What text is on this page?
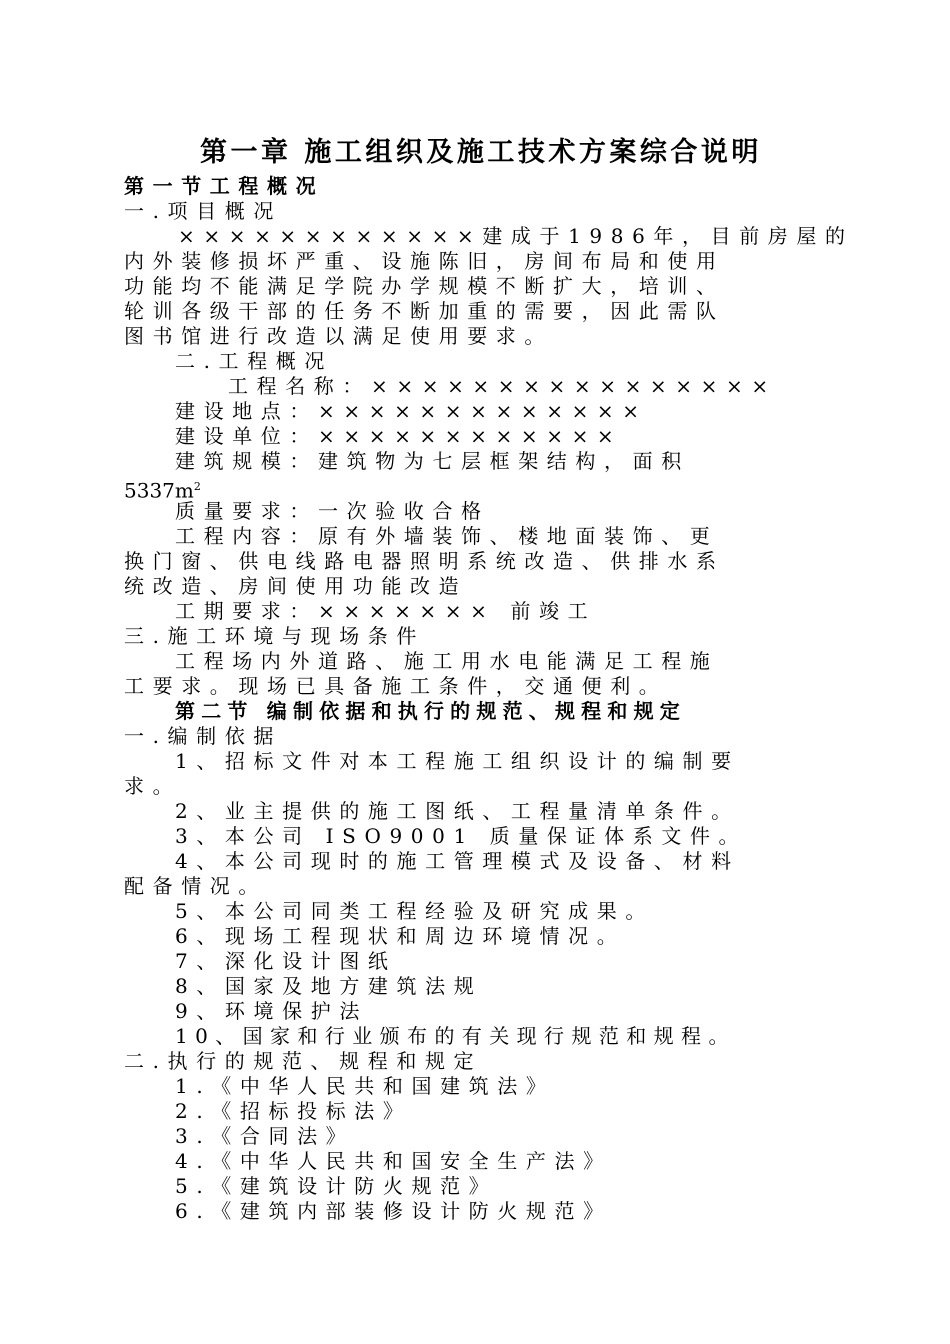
第一章 施工组织及施工技术方案综合说明
第一节工程概况
一.项目概况
××××××××××××建成于1986年，目前房屋的
内外装修损坏严重、设施陈旧，房间布局和使用
功能均不能满足学院办学规模不断扩大，培训、
轮训各级干部的任务不断加重的需要，因此需队
图书馆进行改造以满足使用要求。
二.工程概况
工程名称：××××××××××××××××
建设地点：×××××××××××××
建设单位：××××××××××××
建筑规模：建筑物为七层框架结构，面积
$5337m^2$
质量要求：一次验收合格
工程内容：原有外墙装饰、楼地面装饰、更
换门窗、供电线路电器照明系统改造、供排水系
统改造、房间使用功能改造
工期要求：××××××× 前竣工
三.施工环境与现场条件
工程场内外道路、施工用水电能满足工程施
工要求。现场已具备施工条件，交通便利。
第二节 编制依据和执行的规范、规程和规定
一.编制依据
1、招标文件对本工程施工组织设计的编制要
求。
2、业主提供的施工图纸、工程量清单条件。
3、本公司 ISO9001 质量保证体系文件。
4、本公司现时的施工管理模式及设备、材料
配备情况。
5、本公司同类工程经验及研究成果。
6、现场工程现状和周边环境情况。
7、深化设计图纸
8、国家及地方建筑法规
9、环境保护法
10、国家和行业颁布的有关现行规范和规程。
二.执行的规范、规程和规定
1.《中华人民共和国建筑法》
2.《招标投标法》
3.《合同法》
4.《中华人民共和国安全生产法》
5.《建筑设计防火规范》
6.《建筑内部装修设计防火规范》
